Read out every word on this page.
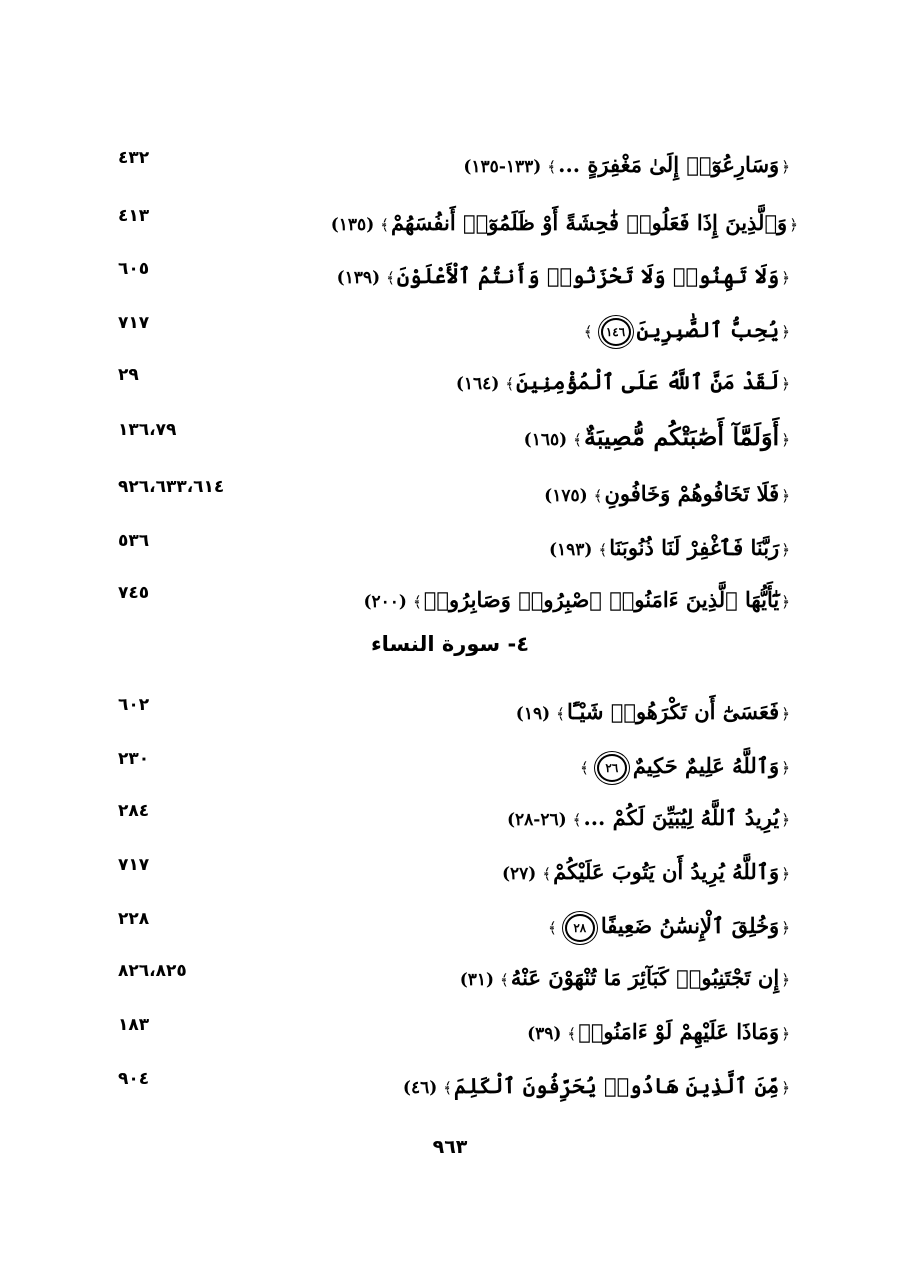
﴿وَسَارِعُوٓا۟ إِلَىٰ مَغْفِرَةٍ ...﴾(١٣٣-١٣٥)
٤٣٢
﴿وَٱلَّذِينَ إِذَا فَعَلُوا۟ فَٰحِشَةً أَوْ ظَلَمُوٓا۟ أَنفُسَهُمْ﴾(١٣٥)
٤١٣
﴿وَلَا تَهِنُوا۟ وَلَا تَحْزَنُوا۟ وَأَنتُمُ ٱلْأَعْلَوْنَ﴾(١٣٩)
٦٠٥
﴿يُحِبُّ ٱلصَّٰبِرِينَ١٤٦﴾
٧١٧
﴿لَقَدْ مَنَّ ٱللَّهُ عَلَى ٱلْمُؤْمِنِينَ﴾(١٦٤)
٢٩
﴿أَوَلَمَّآ أَصَٰبَتْكُم مُّصِيبَةٌ﴾(١٦٥)
١٣٦،٧٩
﴿فَلَا تَخَافُوهُمْ وَخَافُونِ﴾(١٧٥)
٩٢٦،٦٣٣،٦١٤
﴿رَبَّنَا فَٱغْفِرْ لَنَا ذُنُوبَنَا﴾(١٩٣)
٥٣٦
﴿يَٰٓأَيُّهَا ٱلَّذِينَ ءَامَنُوا۟ ٱصْبِرُوا۟ وَصَابِرُوا۟﴾(٢٠٠)
٧٤٥
٤- سورة النساء
﴿فَعَسَىٰٓ أَن تَكْرَهُوا۟ شَيْـًٔا﴾(١٩)
٦٠٢
﴿وَٱللَّهُ عَلِيمٌ حَكِيمٌ٢٦﴾
٢٣٠
﴿يُرِيدُ ٱللَّهُ لِيُبَيِّنَ لَكُمْ ...﴾(٢٦-٢٨)
٢٨٤
﴿وَٱللَّهُ يُرِيدُ أَن يَتُوبَ عَلَيْكُمْ﴾(٢٧)
٧١٧
﴿وَخُلِقَ ٱلْإِنسَٰنُ ضَعِيفًا٢٨﴾
٢٢٨
﴿إِن تَجْتَنِبُوا۟ كَبَآئِرَ مَا تُنْهَوْنَ عَنْهُ﴾(٣١)
٨٢٦،٨٢٥
﴿وَمَاذَا عَلَيْهِمْ لَوْ ءَامَنُوا۟﴾(٣٩)
١٨٣
﴿مِّنَ ٱلَّذِينَ هَادُوا۟ يُحَرِّفُونَ ٱلْكَلِمَ﴾(٤٦)
٩٠٤
٩٦٣
